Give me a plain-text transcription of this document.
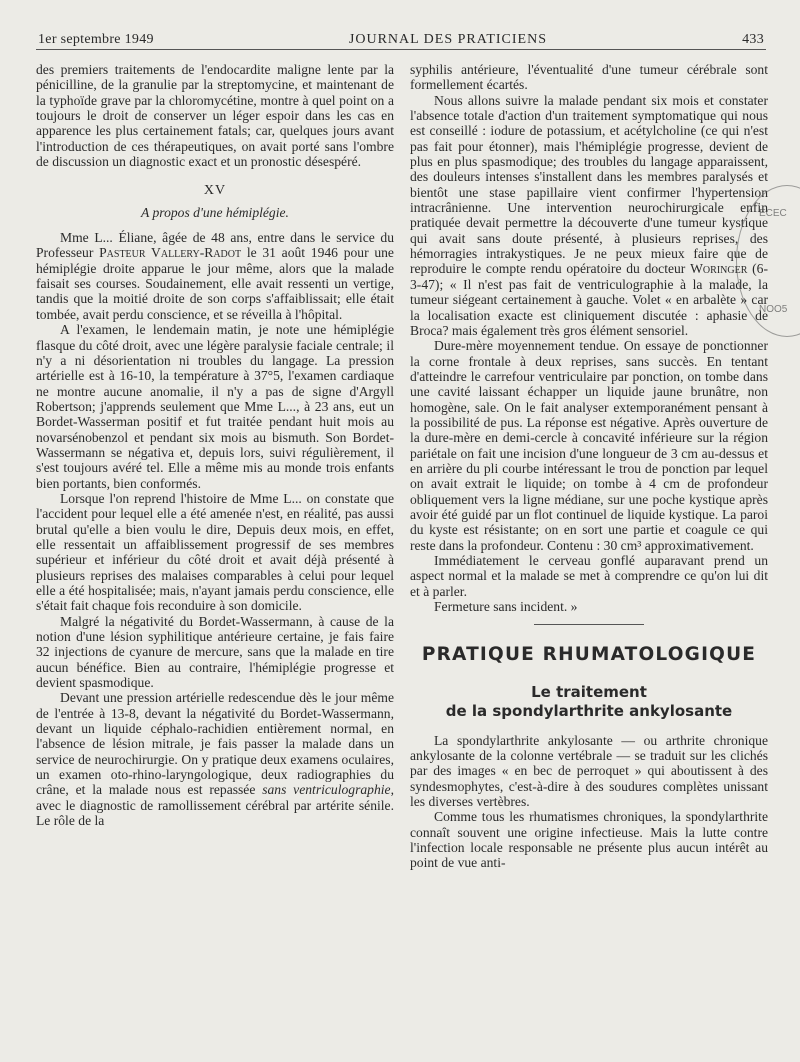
1er septembre 1949	JOURNAL DES PRATICIENS	433

des premiers traitements de l'endocardite maligne lente par la pénicilline, de la granulie par la streptomycine, et maintenant de la typhoïde grave par la chloromycétine, montre à quel point on a toujours le droit de conserver un léger espoir dans les cas en apparence les plus certainement fatals; car, quelques jours avant l'introduction de ces thérapeutiques, on avait porté sans l'ombre de discussion un diagnostic exact et un pronostic désespéré.

XV
A propos d'une hémiplégie.

Mme L... Éliane, âgée de 48 ans, entre dans le service du Professeur Pasteur Vallery-Radot le 31 août 1946 pour une hémiplégie droite apparue le jour même, alors que la malade faisait ses courses. Soudainement, elle avait ressenti un vertige, tandis que la moitié droite de son corps s'affaiblissait; elle était tombée, avait perdu conscience, et se réveilla à l'hôpital.

A l'examen, le lendemain matin, je note une hémiplégie flasque du côté droit, avec une légère paralysie faciale centrale; il n'y a ni désorientation ni troubles du langage. La pression artérielle est à 16-10, la température à 37°5, l'examen cardiaque ne montre aucune anomalie, il n'y a pas de signe d'Argyll Robertson; j'apprends seulement que Mme L..., à 23 ans, eut un Bordet-Wasserman positif et fut traitée pendant huit mois au novarsénobenzol et pendant six mois au bismuth. Son Bordet-Wassermann se négativa et, depuis lors, suivi régulièrement, il s'est toujours avéré tel. Elle a même mis au monde trois enfants bien portants, bien conformés.

Lorsque l'on reprend l'histoire de Mme L... on constate que l'accident pour lequel elle a été amenée n'est, en réalité, pas aussi brutal qu'elle a bien voulu le dire, Depuis deux mois, en effet, elle ressentait un affaiblissement progressif de ses membres supérieur et inférieur du côté droit et avait déjà présenté à plusieurs reprises des malaises comparables à celui pour lequel elle a été hospitalisée; mais, n'ayant jamais perdu conscience, elle s'était fait chaque fois reconduire à son domicile.

Malgré la négativité du Bordet-Wassermann, à cause de la notion d'une lésion syphilitique antérieure certaine, je fais faire 32 injections de cyanure de mercure, sans que la malade en tire aucun bénéfice. Bien au contraire, l'hémiplégie progresse et devient spasmodique.

Devant une pression artérielle redescendue dès le jour même de l'entrée à 13-8, devant la négativité du Bordet-Wassermann, devant un liquide céphalo-rachidien entièrement normal, en l'absence de lésion mitrale, je fais passer la malade dans un service de neurochirurgie. On y pratique deux examens oculaires, un examen oto-rhino-laryngologique, deux radiographies du crâne, et la malade nous est repassée sans ventriculographie, avec le diagnostic de ramollissement cérébral par artérite sénile. Le rôle de la

syphilis antérieure, l'éventualité d'une tumeur cérébrale sont formellement écartés.

Nous allons suivre la malade pendant six mois et constater l'absence totale d'action d'un traitement symptomatique qui nous est conseillé : iodure de potassium, et acétylcholine (ce qui n'est pas fait pour étonner), mais l'hémiplégie progresse, devient de plus en plus spasmodique; des troubles du langage apparaissent, des douleurs intenses s'installent dans les membres paralysés et bientôt une stase papillaire vient confirmer l'hypertension intracrânienne. Une intervention neurochirurgicale enfin pratiquée devait permettre la découverte d'une tumeur kystique qui avait sans doute présenté, à plusieurs reprises, des hémorragies intrakystiques. Je ne peux mieux faire que de reproduire le compte rendu opératoire du docteur Woringer (6-3-47); « Il n'est pas fait de ventriculographie à la malade, la tumeur siégeant certainement à gauche. Volet « en arbalète » car la localisation exacte est cliniquement discutée : aphasie de Broca? mais également très gros élément sensoriel.

Dure-mère moyennement tendue. On essaye de ponctionner la corne frontale à deux reprises, sans succès. En tentant d'atteindre le carrefour ventriculaire par ponction, on tombe dans une cavité laissant échapper un liquide jaune brunâtre, non homogène, sale. On le fait analyser extemporanément pensant à la possibilité de pus. La réponse est négative. Après ouverture de la dure-mère en demi-cercle à concavité inférieure sur la région pariétale on fait une incision d'une longueur de 3 cm au-dessus et en arrière du pli courbe intéressant le trou de ponction par lequel on avait extrait le liquide; on tombe à 4 cm de profondeur obliquement vers la ligne médiane, sur une poche kystique après avoir été guidé par un flot continuel de liquide kystique. La paroi du kyste est résistante; on en sort une partie et coagule ce qui reste dans la profondeur. Contenu : 30 cm³ approximativement.

Immédiatement le cerveau gonflé auparavant prend un aspect normal et la malade se met à comprendre ce qu'on lui dit et à parler.

Fermeture sans incident. »

PRATIQUE RHUMATOLOGIQUE
Le traitement
de la spondylarthrite ankylosante

La spondylarthrite ankylosante — ou arthrite chronique ankylosante de la colonne vertébrale — se traduit sur les clichés par des images « en bec de perroquet » qui aboutissent à des syndesmophytes, c'est-à-dire à des soudures complètes unissant les diverses vertèbres.

Comme tous les rhumatismes chroniques, la spondylarthrite connaît souvent une origine infectieuse. Mais la lutte contre l'infection locale responsable ne présente plus aucun intérêt au point de vue anti-

ECEC
NOO5
